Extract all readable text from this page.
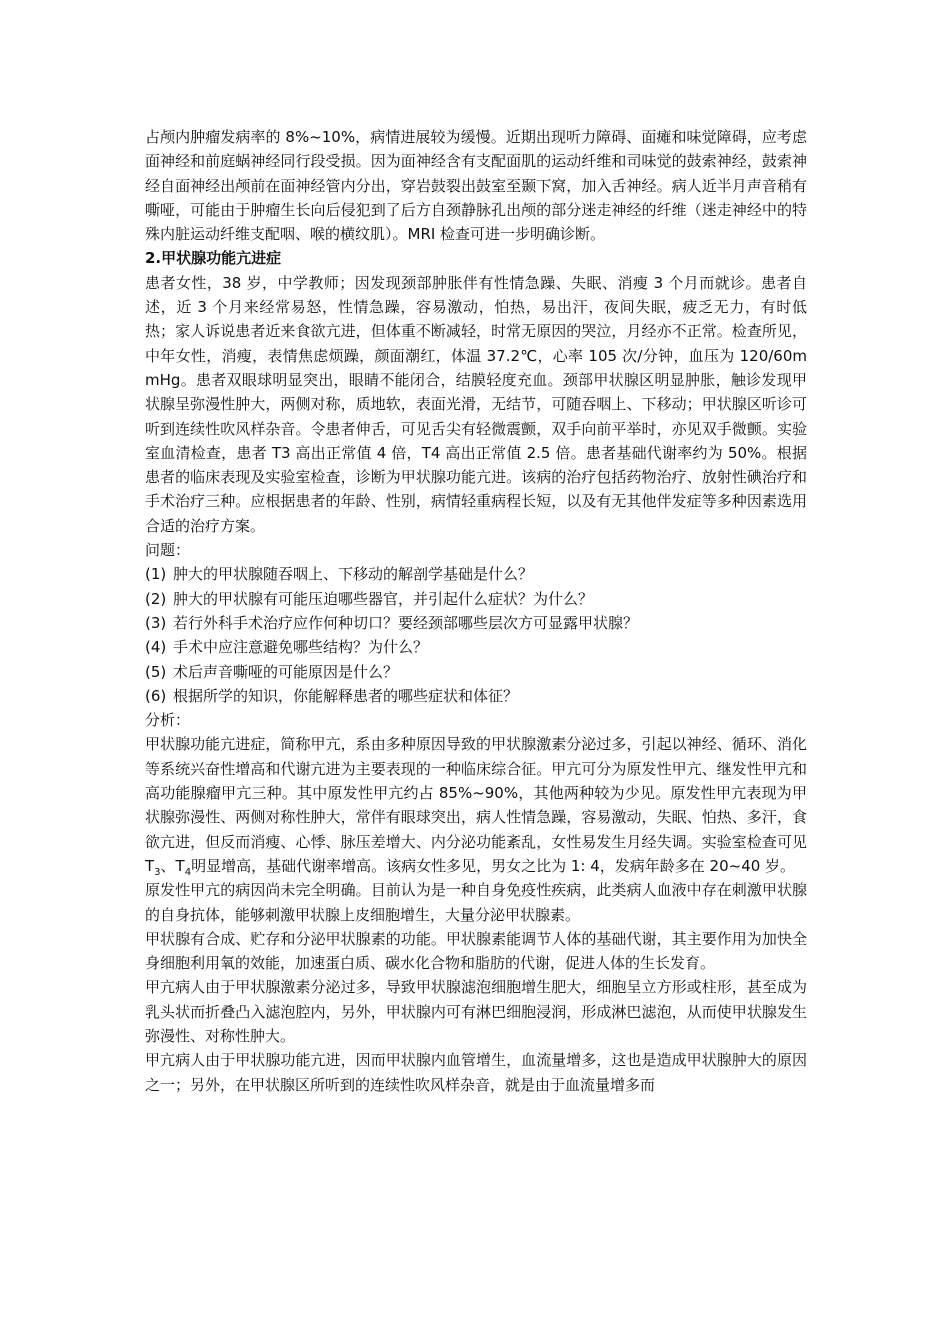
占颅内肿瘤发病率的 8%~10%，病情进展较为缓慢。近期出现听力障碍、面瘫和味觉障碍，应考虑面神经和前庭蜗神经同行段受损。因为面神经含有支配面肌的运动纤维和司味觉的鼓索神经，鼓索神经自面神经出颅前在面神经管内分出，穿岩鼓裂出鼓室至颞下窝，加入舌神经。病人近半月声音稍有嘶哑，可能由于肿瘤生长向后侵犯到了后方自颈静脉孔出颅的部分迷走神经的纤维（迷走神经中的特殊内脏运动纤维支配咽、喉的横纹肌）。MRI 检查可进一步明确诊断。

2.甲状腺功能亢进症

患者女性，38 岁，中学教师；因发现颈部肿胀伴有性情急躁、失眠、消瘦 3 个月而就诊。患者自述，近 3 个月来经常易怒，性情急躁，容易激动，怕热，易出汗，夜间失眠，疲乏无力，有时低热；家人诉说患者近来食欲亢进，但体重不断减轻，时常无原因的哭泣，月经亦不正常。检查所见，中年女性，消瘦，表情焦虑烦躁，颜面潮红，体温 37.2℃，心率 105 次/分钟，血压为 120/60mmHg。患者双眼球明显突出，眼睛不能闭合，结膜轻度充血。颈部甲状腺区明显肿胀，触诊发现甲状腺呈弥漫性肿大，两侧对称，质地软，表面光滑，无结节，可随吞咽上、下移动；甲状腺区听诊可听到连续性吹风样杂音。令患者伸舌，可见舌尖有轻微震颤，双手向前平举时，亦见双手微颤。实验室血清检查，患者 T3 高出正常值 4 倍，T4 高出正常值 2.5 倍。患者基础代谢率约为 50%。根据患者的临床表现及实验室检查，诊断为甲状腺功能亢进。该病的治疗包括药物治疗、放射性碘治疗和手术治疗三种。应根据患者的年龄、性别，病情轻重病程长短，以及有无其他伴发症等多种因素选用合适的治疗方案。

问题：

(1) 肿大的甲状腺随吞咽上、下移动的解剖学基础是什么？

(2) 肿大的甲状腺有可能压迫哪些器官，并引起什么症状？为什么？

(3) 若行外科手术治疗应作何种切口？要经颈部哪些层次方可显露甲状腺？

(4) 手术中应注意避免哪些结构？为什么？

(5) 术后声音嘶哑的可能原因是什么？

(6) 根据所学的知识，你能解释患者的哪些症状和体征？

分析：

甲状腺功能亢进症，简称甲亢，系由多种原因导致的甲状腺激素分泌过多，引起以神经、循环、消化等系统兴奋性增高和代谢亢进为主要表现的一种临床综合征。甲亢可分为原发性甲亢、继发性甲亢和高功能腺瘤甲亢三种。其中原发性甲亢约占 85%~90%，其他两种较为少见。原发性甲亢表现为甲状腺弥漫性、两侧对称性肿大，常伴有眼球突出，病人性情急躁，容易激动，失眠、怕热、多汗，食欲亢进，但反而消瘦、心悸、脉压差增大、内分泌功能紊乱，女性易发生月经失调。实验室检查可见 $T_3$、$T_4$明显增高，基础代谢率增高。该病女性多见，男女之比为 1: 4，发病年龄多在 20~40 岁。

原发性甲亢的病因尚未完全明确。目前认为是一种自身免疫性疾病，此类病人血液中存在刺激甲状腺的自身抗体，能够刺激甲状腺上皮细胞增生，大量分泌甲状腺素。

甲状腺有合成、贮存和分泌甲状腺素的功能。甲状腺素能调节人体的基础代谢，其主要作用为加快全身细胞利用氧的效能，加速蛋白质、碳水化合物和脂肪的代谢，促进人体的生长发育。

甲亢病人由于甲状腺激素分泌过多，导致甲状腺滤泡细胞增生肥大，细胞呈立方形或柱形，甚至成为乳头状而折叠凸入滤泡腔内，另外，甲状腺内可有淋巴细胞浸润，形成淋巴滤泡，从而使甲状腺发生弥漫性、对称性肿大。

甲亢病人由于甲状腺功能亢进，因而甲状腺内血管增生，血流量增多，这也是造成甲状腺肿大的原因之一；另外，在甲状腺区所听到的连续性吹风样杂音，就是由于血流量增多而
